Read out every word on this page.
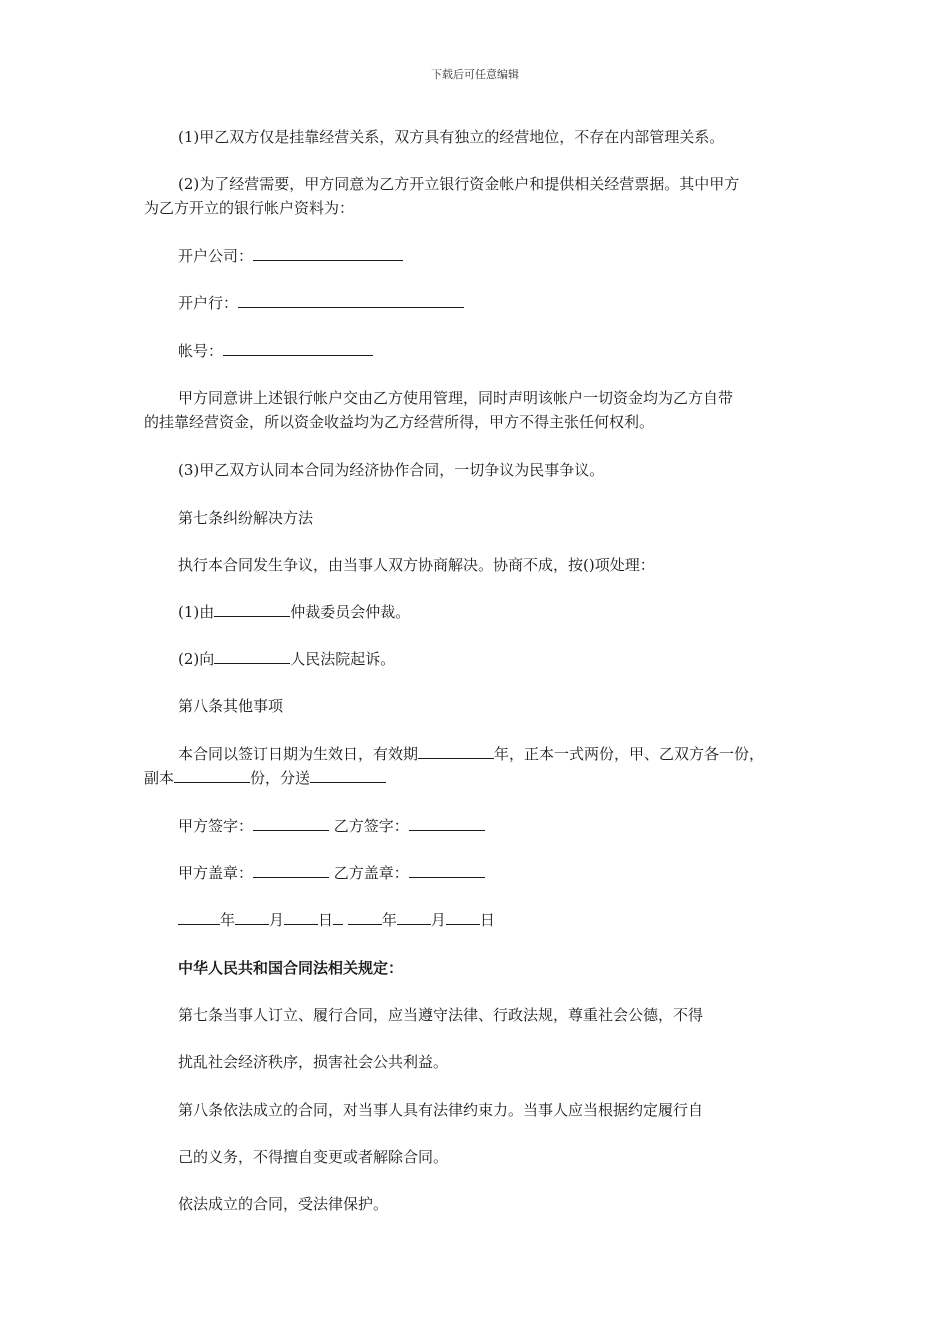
下载后可任意编辑
(1)甲乙双方仅是挂靠经营关系，双方具有独立的经营地位，不存在内部管理关系。
(2)为了经营需要，甲方同意为乙方开立银行资金帐户和提供相关经营票据。其中甲方
为乙方开立的银行帐户资料为：
开户公司：
开户行：
帐号：
甲方同意讲上述银行帐户交由乙方使用管理，同时声明该帐户一切资金均为乙方自带
的挂靠经营资金，所以资金收益均为乙方经营所得，甲方不得主张任何权利。
(3)甲乙双方认同本合同为经济协作合同，一切争议为民事争议。
第七条纠纷解决方法
执行本合同发生争议，由当事人双方协商解决。协商不成，按()项处理：
(1)由	仲裁委员会仲裁。
(2)向	人民法院起诉。
第八条其他事项
本合同以签订日期为生效日，有效期	年，正本一式两份，甲、乙双方各一份，
副本	份，分送
甲方签字：	乙方签字：
甲方盖章：	乙方盖章：
年 月 日	年 月 日
中华人民共和国合同法相关规定：
第七条当事人订立、履行合同，应当遵守法律、行政法规，尊重社会公德，不得
扰乱社会经济秩序，损害社会公共利益。
第八条依法成立的合同，对当事人具有法律约束力。当事人应当根据约定履行自
己的义务，不得擅自变更或者解除合同。
依法成立的合同，受法律保护。
